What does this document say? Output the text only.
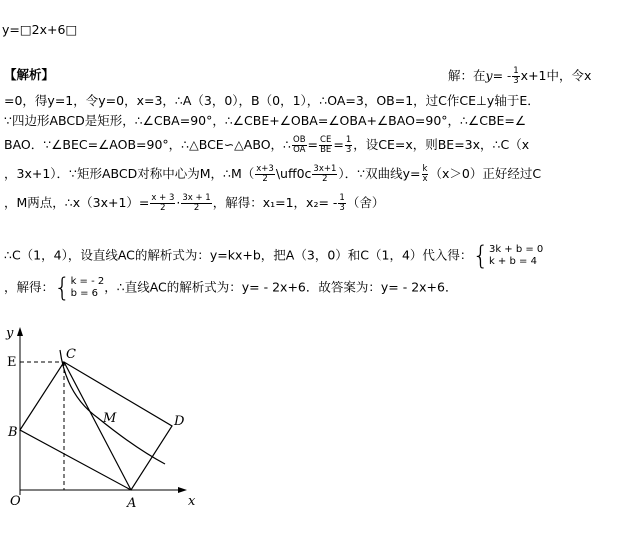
y=□2x+6□
【解析】	解：在$y= - \frac{1}{3} x+1$中，令x
=0，得y=1，令y=0，x=3，∴A（3，0），B（0，1），∴OA=3，OB=1，过C作CE⊥y轴于E．
∵四边形ABCD是矩形，∴∠CBA=90°，∴∠CBE+∠OBA=∠OBA+∠BAO=90°，∴∠CBE=∠
BAO．∵∠BEC=∠AOB=90°，∴△BCE∽△ABO，∴ $\frac{OB}{OA} = \frac{CE}{BE} = \frac{1}{3}$ ，设CE=x，则BE=3x，∴C（x
，3x+1）．∵矩形ABCD对称中心为M，∴M（ $\frac{x+3}{2}$ \uff0c $\frac{3x+1}{2}$ ）．∵双曲线$y= \frac{k}{x} (x>0)$正好经过C
，M两点，∴x（3x+1）= $\frac{x + 3}{2} \cdot \frac{3x + 1}{2}$ ，解得：x₁=1，$x_2= - \frac{1}{3}$ （舍）
∴C（1，4），设直线AC的解析式为：y=kx+b，把A（3，0）和C（1，4）代入得： { 3k + b = 0
k + b = 4
，解得： { k = - 2
b = 6 ，∴直线AC的解析式为：y= - 2x+6．故答案为：y= - 2x+6．
y
x
E
C
B
M	D
O	A
